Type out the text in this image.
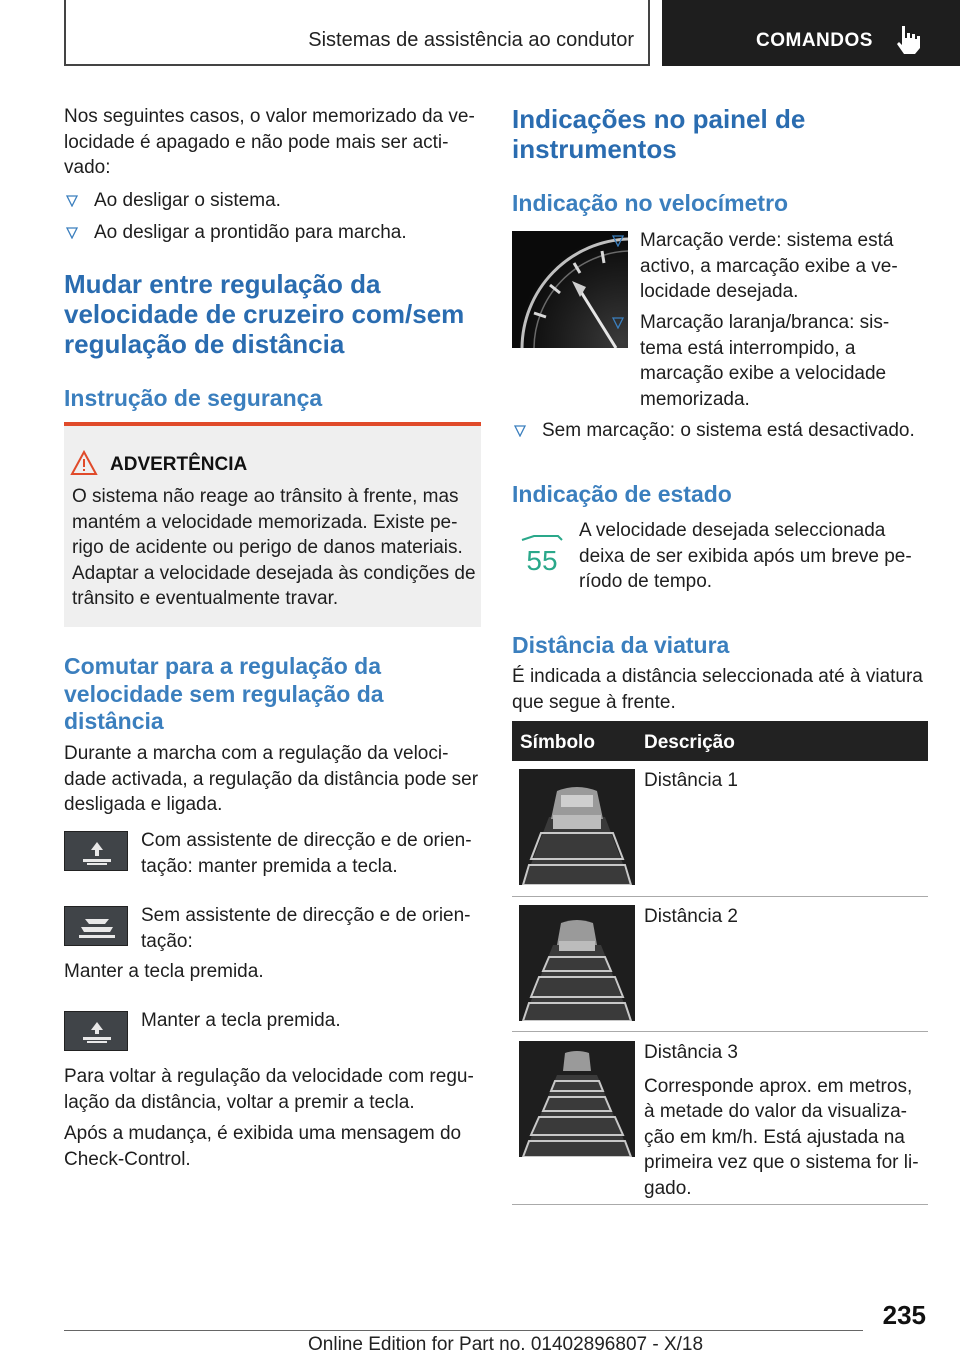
Sistemas de assistência ao condutor	COMANDOS
Nos seguintes casos, o valor memorizado da ve-
locidade é apagado e não pode mais ser acti-
vado:
Ao desligar o sistema.
Ao desligar a prontidão para marcha.
Mudar entre regulação da
velocidade de cruzeiro com/sem
regulação de distância
Instrução de segurança
ADVERTÊNCIA
O sistema não reage ao trânsito à frente, mas
mantém a velocidade memorizada. Existe pe-
rigo de acidente ou perigo de danos materiais.
Adaptar a velocidade desejada às condições de
trânsito e eventualmente travar.
Comutar para a regulação da
velocidade sem regulação da
distância
Durante a marcha com a regulação da veloci-
dade activada, a regulação da distância pode ser
desligada e ligada.
Com assistente de direcção e de orien-
tação: manter premida a tecla.
Sem assistente de direcção e de orien-
tação:
Manter a tecla premida.
Manter a tecla premida.
Para voltar à regulação da velocidade com regu-
lação da distância, voltar a premir a tecla.
Após a mudança, é exibida uma mensagem do
Check-Control.
Indicações no painel de
instrumentos
Indicação no velocímetro
Marcação verde: sistema está
activo, a marcação exibe a ve-
locidade desejada.
Marcação laranja/branca: sis-
tema está interrompido, a
marcação exibe a velocidade
memorizada.
Sem marcação: o sistema está desactivado.
Indicação de estado
55
A velocidade desejada seleccionada
deixa de ser exibida após um breve pe-
ríodo de tempo.
Distância da viatura
É indicada a distância seleccionada até à viatura
que segue à frente.
Símbolo	Descrição
Distância 1
Distância 2
Distância 3
Corresponde aprox. em metros,
à metade do valor da visualiza-
ção em km/h. Está ajustada na
primeira vez que o sistema for li-
gado.
235
Online Edition for Part no. 01402896807 - X/18
